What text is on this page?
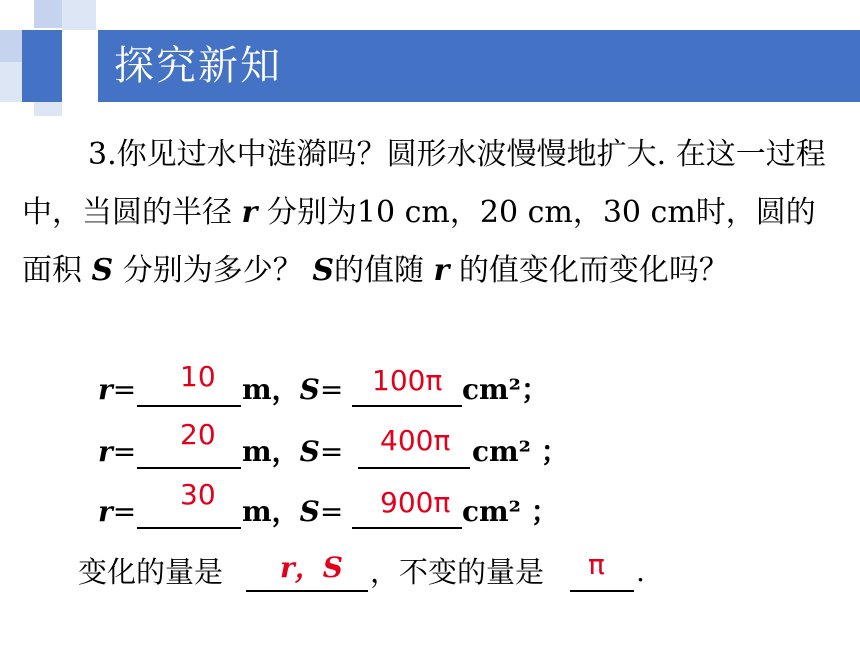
探究新知
3.你见过水中涟漪吗？圆形水波慢慢地扩大. 在这一过程中，当圆的半径 r 分别为10 cm，20 cm，30 cm时，圆的面积 S 分别为多少？ S的值随 r 的值变化而变化吗？
r= 10 m，S= 100π cm²；
r=
20
m，S= 400π cm² ；
r=
30
m，S= 900π cm² ；
变化的量是 r，S ，不变的量是 π .
